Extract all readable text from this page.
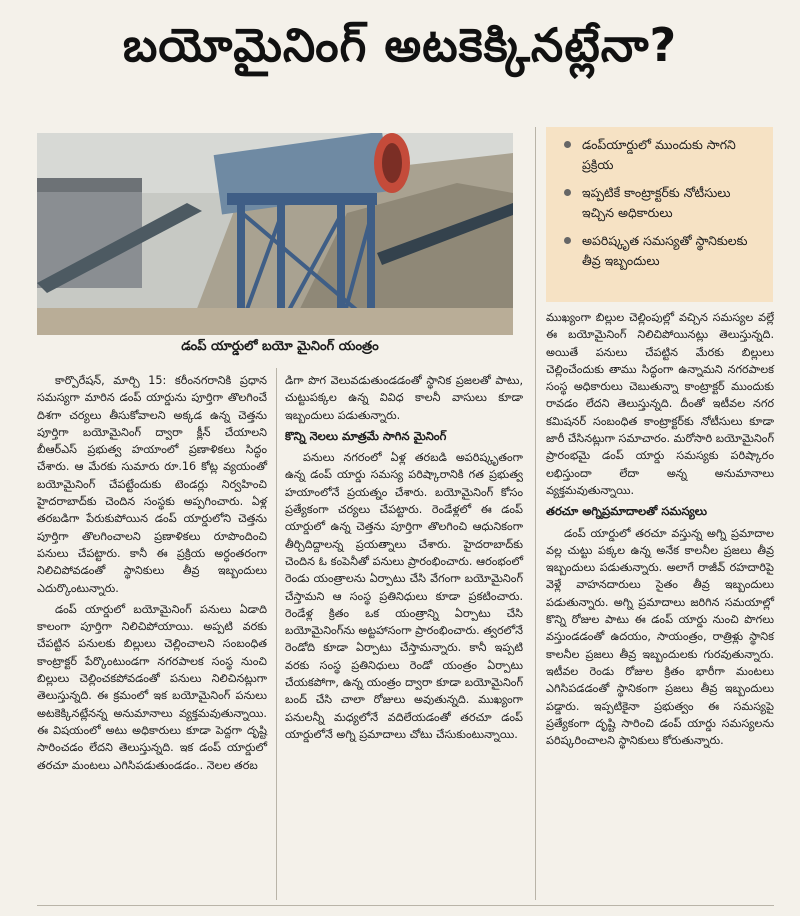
బయోమైనింగ్ అటకెక్కినట్లేనా?
డంప్ యార్డులో బయో మైనింగ్ యంత్రం
డంప్‌యార్డులో ముందుకు సాగని ప్రక్రియ
ఇప్పటికే కాంట్రాక్టర్‌కు నోటీసులు ఇచ్చిన అధికారులు
అపరిష్కృత సమస్యతో స్థానికులకు తీవ్ర ఇబ్బందులు

కార్పొరేషన్, మార్చి 15: కరీంనగరానికి ప్రధాన సమస్యగా మారిన డంప్ యార్డును పూర్తిగా తొలగించే దిశగా చర్యలు తీసుకోవాలని అక్కడ ఉన్న చెత్తను పూర్తిగా బయోమైనింగ్ ద్వారా క్లీన్ చేయాలని బీఆర్ఎస్ ప్రభుత్వ హయాంలో ప్రణాళికలు సిద్ధం చేశారు. ఆ మేరకు సుమారు రూ.16 కోట్ల వ్యయంతో బయోమైనింగ్ చేపట్టేందుకు టెండర్లు నిర్వహించి హైదరాబాద్‌కు చెందిన సంస్థకు అప్పగించారు. ఏళ్ల తరబడిగా పేరుకుపోయిన డంప్ యార్డులోని చెత్తను పూర్తిగా తొలగించాలని ప్రణాళికలు రూపొందించి పనులు చేపట్టారు. కానీ ఈ ప్రక్రియ అర్ధంతరంగా నిలిచిపోవడంతో స్థానికులు తీవ్ర ఇబ్బందులు ఎదుర్కొంటున్నారు.

డంప్ యార్డులో బయోమైనింగ్ పనులు ఏడాది కాలంగా పూర్తిగా నిలిచిపోయాయి. అప్పటి వరకు చేపట్టిన పనులకు బిల్లులు చెల్లించాలని సంబంధిత కాంట్రాక్టర్ పేర్కొంటుండగా నగరపాలక సంస్థ నుంచి బిల్లులు చెల్లించకపోవడంతో పనులు నిలిచినట్లుగా తెలుస్తున్నది. ఈ క్రమంలో ఇక బయోమైనింగ్ పనులు అటకెక్కినట్లేనన్న అనుమానాలు వ్యక్తమవుతున్నాయి. ఈ విషయంలో అటు అధికారులు కూడా పెద్దగా దృష్టి సారించడం లేదని తెలుస్తున్నది. ఇక డంప్ యార్డులో తరచూ మంటలు ఎగిసిపడుతుండడం.. నెలల తరబ

డిగా పొగ వెలువడుతుండడంతో స్థానిక ప్రజలతో పాటు, చుట్టుపక్కల ఉన్న వివిధ కాలనీ వాసులు కూడా ఇబ్బందులు పడుతున్నారు.

కొన్ని నెలలు మాత్రమే సాగిన మైనింగ్

పనులు నగరంలో ఏళ్ల తరబడి అపరిష్కృతంగా ఉన్న డంప్ యార్డు సమస్య పరిష్కారానికి గత ప్రభుత్వ హయాంలోనే ప్రయత్నం చేశారు. బయోమైనింగ్ కోసం ప్రత్యేకంగా చర్యలు చేపట్టారు. రెండేళ్లలో ఈ డంప్ యార్డులో ఉన్న చెత్తను పూర్తిగా తొలగించి ఆధునికంగా తీర్చిదిద్దాలన్న ప్రయత్నాలు చేశారు. హైదరాబాద్‌కు చెందిన ఓ కంపెనీతో పనులు ప్రారంభించారు. ఆరంభంలో రెండు యంత్రాలను ఏర్పాటు చేసి వేగంగా బయోమైనింగ్ చేస్తామని ఆ సంస్థ ప్రతినిధులు కూడా ప్రకటించారు. రెండేళ్ల క్రితం ఒక యంత్రాన్ని ఏర్పాటు చేసి బయోమైనింగ్‌ను అట్టహాసంగా ప్రారంభించారు. త్వరలోనే రెండోది కూడా ఏర్పాటు చేస్తామన్నారు. కానీ ఇప్పటి వరకు సంస్థ ప్రతినిధులు రెండో యంత్రం ఏర్పాటు చేయకపోగా, ఉన్న యంత్రం ద్వారా కూడా బయోమైనింగ్ బంద్ చేసి చాలా రోజులు అవుతున్నది. ముఖ్యంగా పనులన్నీ మధ్యలోనే వదిలేయడంతో తరచూ డంప్ యార్డులోనే అగ్ని ప్రమాదాలు చోటు చేసుకుంటున్నాయి.

ముఖ్యంగా బిల్లుల చెల్లింపుల్లో వచ్చిన సమస్యల వల్లే ఈ బయోమైనింగ్ నిలిచిపోయినట్లు తెలుస్తున్నది. అయితే పనులు చేపట్టిన మేరకు బిల్లులు చెల్లించేందుకు తాము సిద్ధంగా ఉన్నామని నగరపాలక సంస్థ అధికారులు చెబుతున్నా కాంట్రాక్టర్ ముందుకు రావడం లేదని తెలుస్తున్నది. దీంతో ఇటీవల నగర కమిషనర్ సంబంధిత కాంట్రాక్టర్‌కు నోటీసులు కూడా జారీ చేసినట్లుగా సమాచారం. మరోసారి బయోమైనింగ్ ప్రారంభమై డంప్ యార్డు సమస్యకు పరిష్కారం లభిస్తుందా లేదా అన్న అనుమానాలు వ్యక్తమవుతున్నాయి.

తరచూ అగ్నిప్రమాదాలతో సమస్యలు

డంప్ యార్డులో తరచూ వస్తున్న అగ్ని ప్రమాదాల వల్ల చుట్టు పక్కల ఉన్న అనేక కాలనీల ప్రజలు తీవ్ర ఇబ్బందులు పడుతున్నారు. అలాగే రాజీవ్ రహదారిపై వెళ్లే వాహనదారులు సైతం తీవ్ర ఇబ్బందులు పడుతున్నారు. అగ్ని ప్రమాదాలు జరిగిన సమయాల్లో కొన్ని రోజుల పాటు ఈ డంప్ యార్డు నుంచి పొగలు వస్తుండడంతో ఉదయం, సాయంత్రం, రాత్రిళ్లు స్థానిక కాలనీల ప్రజలు తీవ్ర ఇబ్బందులకు గురవుతున్నారు. ఇటీవల రెండు రోజుల క్రితం భారీగా మంటలు ఎగిసిపడడంతో స్థానికంగా ప్రజలు తీవ్ర ఇబ్బందులు పడ్డారు. ఇప్పటికైనా ప్రభుత్వం ఈ సమస్యపై ప్రత్యేకంగా దృష్టి సారించి డంప్ యార్డు సమస్యలను పరిష్కరించాలని స్థానికులు కోరుతున్నారు.
